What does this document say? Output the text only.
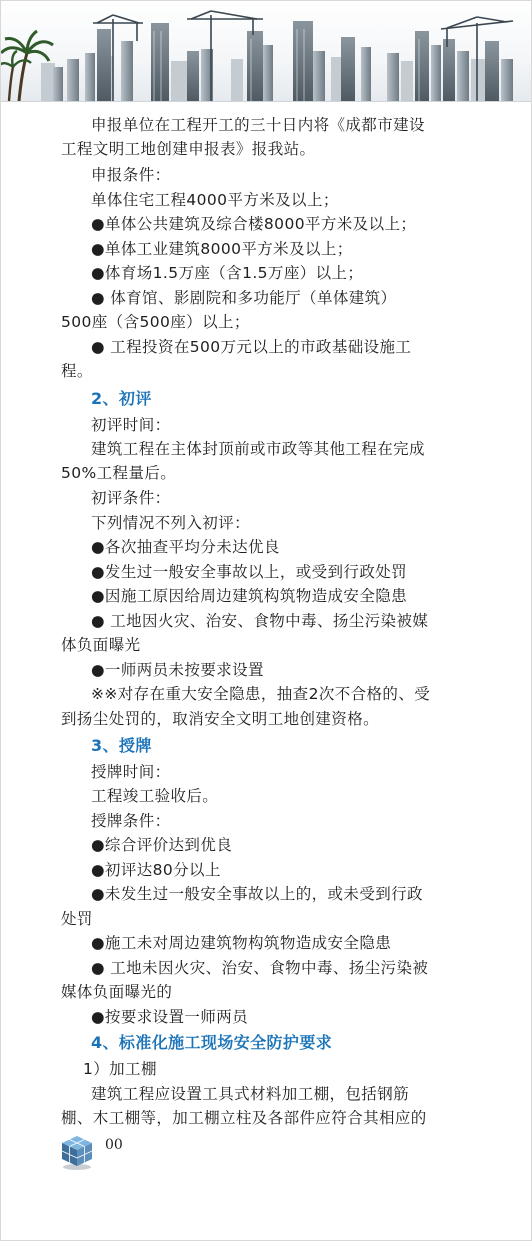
申报单位在工程开工的三十日内将《成都市建设
工程文明工地创建申报表》报我站。
申报条件：
单体住宅工程4000平方米及以上；
●单体公共建筑及综合楼8000平方米及以上；
●单体工业建筑8000平方米及以上；
●体育场1.5万座（含1.5万座）以上；
● 体育馆、影剧院和多功能厅（单体建筑）
500座（含500座）以上；
● 工程投资在500万元以上的市政基础设施工
程。
2、初评
初评时间：
建筑工程在主体封顶前或市政等其他工程在完成
50%工程量后。
初评条件：
下列情况不列入初评：
●各次抽查平均分未达优良
●发生过一般安全事故以上，或受到行政处罚
●因施工原因给周边建筑构筑物造成安全隐患
● 工地因火灾、治安、食物中毒、扬尘污染被媒
体负面曝光
●一师两员未按要求设置
※※对存在重大安全隐患，抽查2次不合格的、受
到扬尘处罚的，取消安全文明工地创建资格。
3、授牌
授牌时间：
工程竣工验收后。
授牌条件：
●综合评价达到优良
●初评达80分以上
●未发生过一般安全事故以上的，或未受到行政
处罚
●施工未对周边建筑物构筑物造成安全隐患
● 工地未因火灾、治安、食物中毒、扬尘污染被
媒体负面曝光的
●按要求设置一师两员
4、标准化施工现场安全防护要求
1）加工棚
建筑工程应设置工具式材料加工棚，包括钢筋
棚、木工棚等，加工棚立柱及各部件应符合其相应的
00
